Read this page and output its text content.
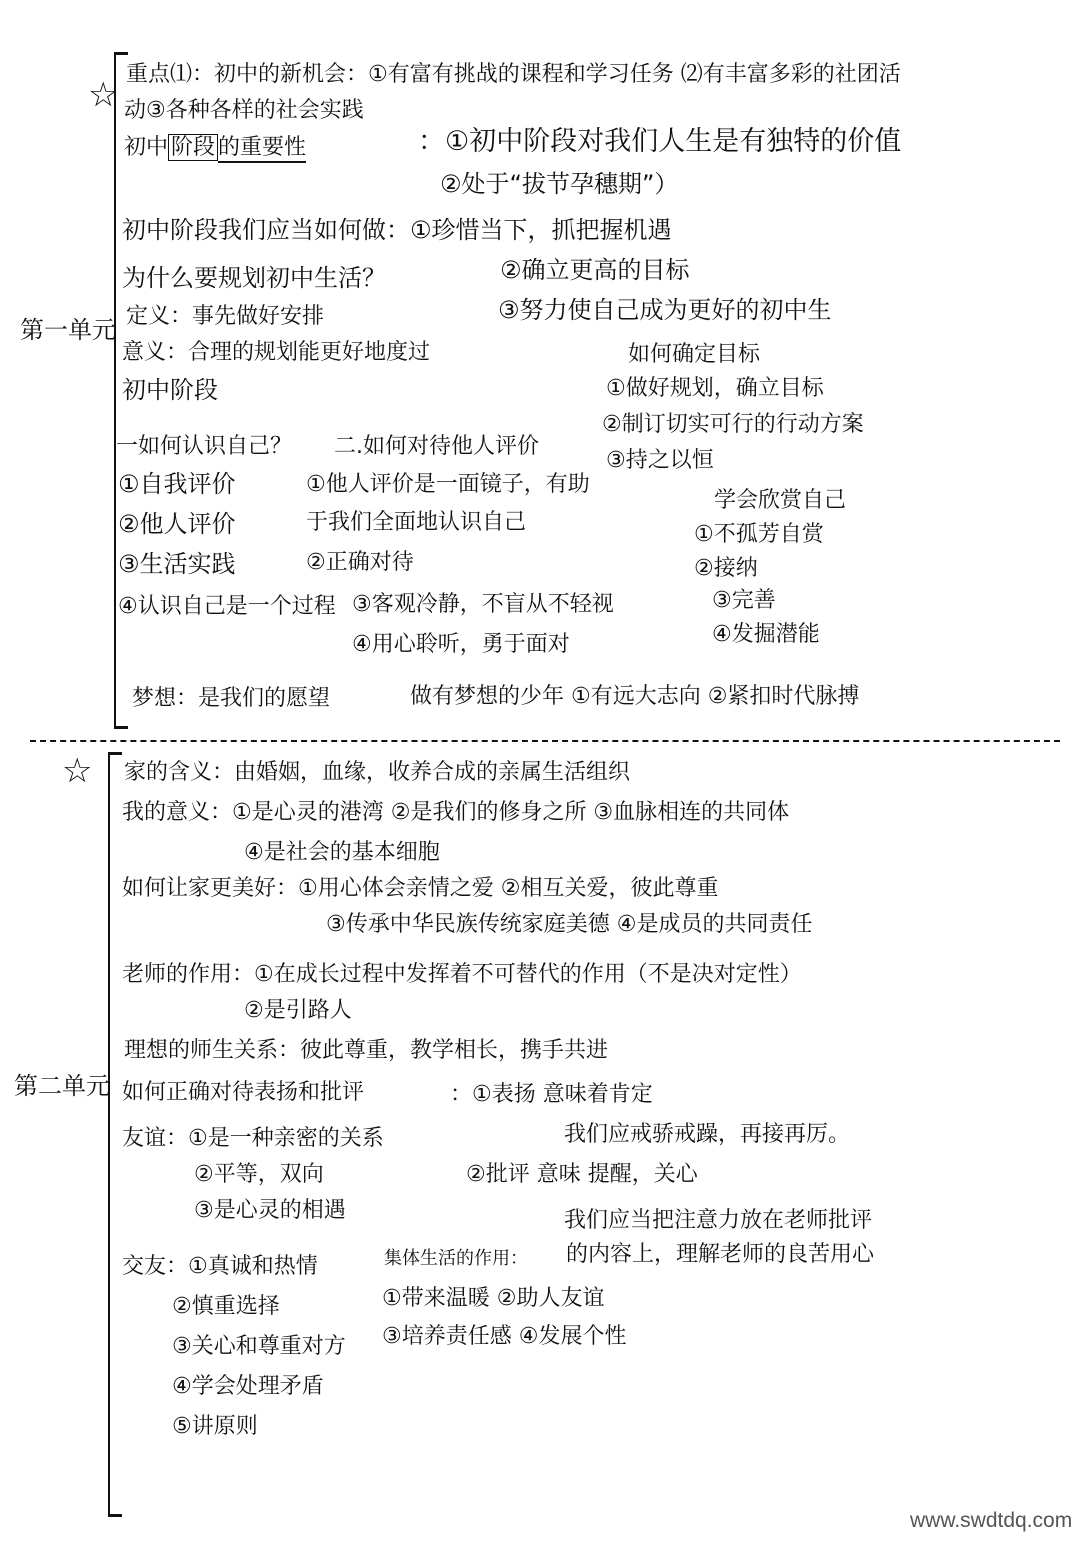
☆
第一单元
重点⑴：初中的新机会：①有富有挑战的课程和学习任务 ⑵有丰富多彩的社团活
动③各种各样的社会实践
初中 阶段 的重要性	：①初中阶段对我们人生是有独特的价值
②处于“拔节孕穗期”）
初中阶段我们应当如何做：①珍惜当下，抓把握机遇
为什么要规划初中生活？	②确立更高的目标
定义：事先做好安排	③努力使自己成为更好的初中生
意义：合理的规划能更好地度过
初中阶段
如何确定目标
①做好规划，确立目标
②制订切实可行的行动方案
③持之以恒
一如何认识自己？ 二.如何对待他人评价
①自我评价	①他人评价是一面镜子，有助
②他人评价	于我们全面地认识自己
③生活实践	②正确对待
④认识自己是一个过程 ③客观冷静，不盲从不轻视
④用心聆听，勇于面对
学会欣赏自己
①不孤芳自赏
②接纳
③完善
④发掘潜能
梦想：是我们的愿望	做有梦想的少年 ①有远大志向 ②紧扣时代脉搏
☆
第二单元
家的含义：由婚姻，血缘，收养合成的亲属生活组织
我的意义：①是心灵的港湾 ②是我们的修身之所 ③血脉相连的共同体
④是社会的基本细胞
如何让家更美好：①用心体会亲情之爱 ②相互关爱，彼此尊重
③传承中华民族传统家庭美德 ④是成员的共同责任
老师的作用：①在成长过程中发挥着不可替代的作用（不是决对定性）
②是引路人
理想的师生关系：彼此尊重，教学相长，携手共进
如何正确对待表扬和批评	：①表扬 意味着肯定
我们应戒骄戒躁，再接再厉。
友谊：①是一种亲密的关系
②平等，双向	②批评 意味 提醒，关心
③是心灵的相遇	我们应当把注意力放在老师批评
的内容上，理解老师的良苦用心
交友：①真诚和热情	集体生活的作用：
②慎重选择	①带来温暖 ②助人友谊
③关心和尊重对方 ③培养责任感 ④发展个性
④学会处理矛盾
⑤讲原则
www.swdtdq.com
